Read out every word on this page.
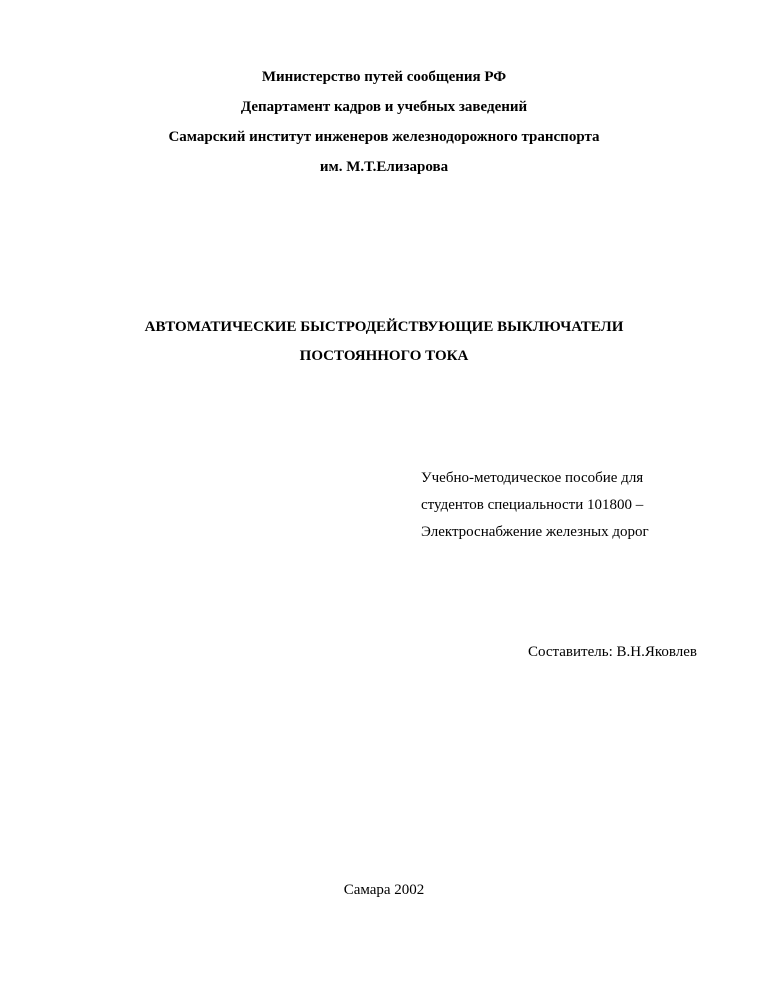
Министерство путей сообщения РФ
Департамент кадров и учебных заведений
Самарский институт инженеров железнодорожного транспорта
им. М.Т.Елизарова
АВТОМАТИЧЕСКИЕ БЫСТРОДЕЙСТВУЮЩИЕ ВЫКЛЮЧАТЕЛИ
ПОСТОЯННОГО ТОКА
Учебно-методическое пособие для
студентов специальности 101800 –
Электроснабжение железных дорог
Составитель: В.Н.Яковлев
Самара 2002
